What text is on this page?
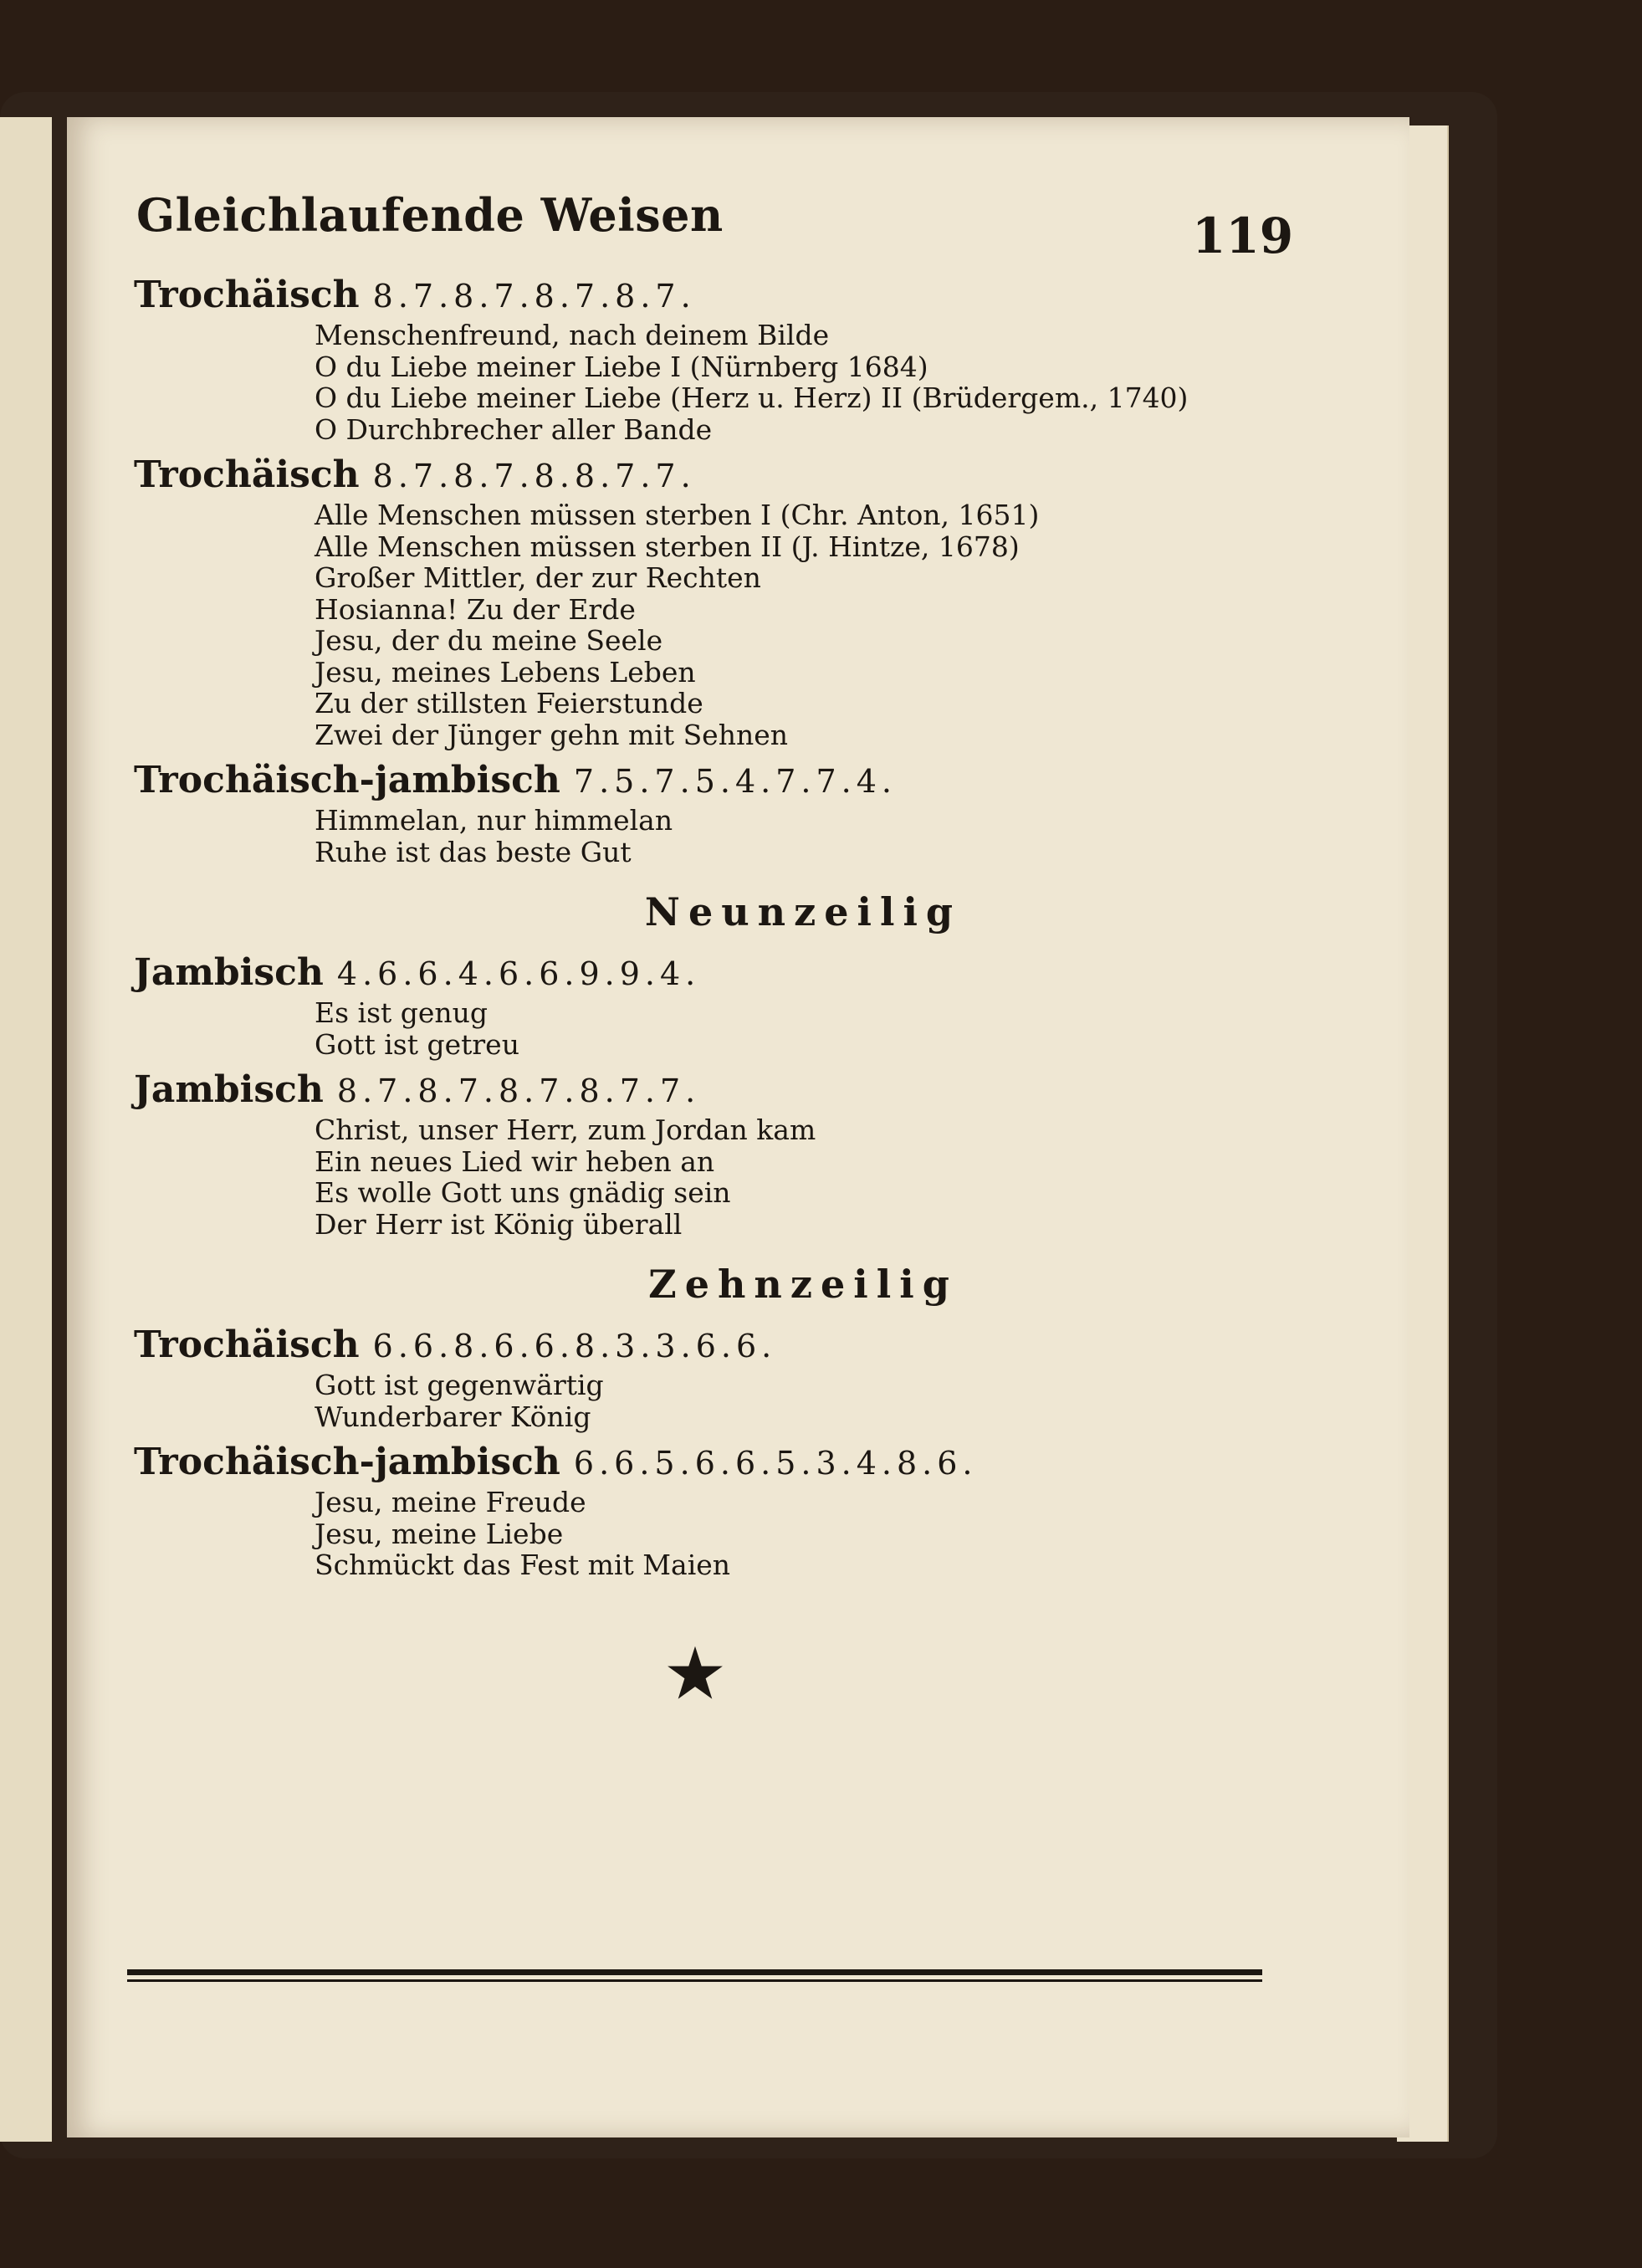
Gleichlaufende Weisen	119
Trochäisch 8.7.8.7.8.7.8.7.
Menschenfreund, nach deinem Bilde
O du Liebe meiner Liebe I (Nürnberg 1684)
O du Liebe meiner Liebe (Herz u. Herz) II (Brüdergem., 1740)
O Durchbrecher aller Bande
Trochäisch 8.7.8.7.8.8.7.7.
Alle Menschen müssen sterben I (Chr. Anton, 1651)
Alle Menschen müssen sterben II (J. Hintze, 1678)
Großer Mittler, der zur Rechten
Hosianna! Zu der Erde
Jesu, der du meine Seele
Jesu, meines Lebens Leben
Zu der stillsten Feierstunde
Zwei der Jünger gehn mit Sehnen
Trochäisch-jambisch 7.5.7.5.4.7.7.4.
Himmelan, nur himmelan
Ruhe ist das beste Gut
Neunzeilig
Jambisch 4.6.6.4.6.6.9.9.4.
Es ist genug
Gott ist getreu
Jambisch 8.7.8.7.8.7.8.7.7.
Christ, unser Herr, zum Jordan kam
Ein neues Lied wir heben an
Es wolle Gott uns gnädig sein
Der Herr ist König überall
Zehnzeilig
Trochäisch 6.6.8.6.6.8.3.3.6.6.
Gott ist gegenwärtig
Wunderbarer König
Trochäisch-jambisch 6.6.5.6.6.5.3.4.8.6.
Jesu, meine Freude
Jesu, meine Liebe
Schmückt das Fest mit Maien
